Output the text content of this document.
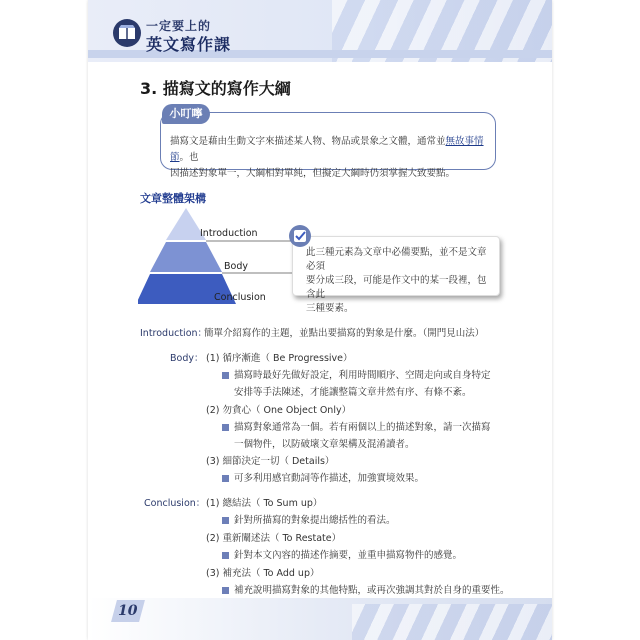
一定要上的
英文寫作課
3. 描寫文的寫作大綱
小叮嚀
描寫文是藉由生動文字來描述某人物、物品或景象之文體，通常並無故事情節。也
因描述對象單一，大綱相對單純，但擬定大綱時仍須掌握大致要點。
文章整體架構
Introduction
Body
Conclusion
此三種元素為文章中必備要點，並不是文章必須
要分成三段，可能是作文中的某一段裡，包含此
三種要素。
Introduction：
簡單介紹寫作的主題，並點出要描寫的對象是什麼。（開門見山法）
Body： (1) 循序漸進（ Be Progressive）
描寫時最好先做好設定，利用時間順序、空間走向或自身特定
安排等手法陳述，才能讓整篇文章井然有序、有條不紊。
(2) 勿貪心（ One Object Only）
描寫對象通常為一個。若有兩個以上的描述對象，請一次描寫
一個物件，以防破壞文章架構及混淆讀者。
(3) 細節決定一切（ Details）
可多利用感官動詞等作描述，加強實境效果。
Conclusion： (1) 總結法（ To Sum up）
針對所描寫的對象提出總括性的看法。
(2) 重新闡述法（ To Restate）
針對本文內容的描述作摘要，並重申描寫物件的感覺。
(3) 補充法（ To Add up）
補充說明描寫對象的其他特點，或再次強調其對於自身的重要性。
10
